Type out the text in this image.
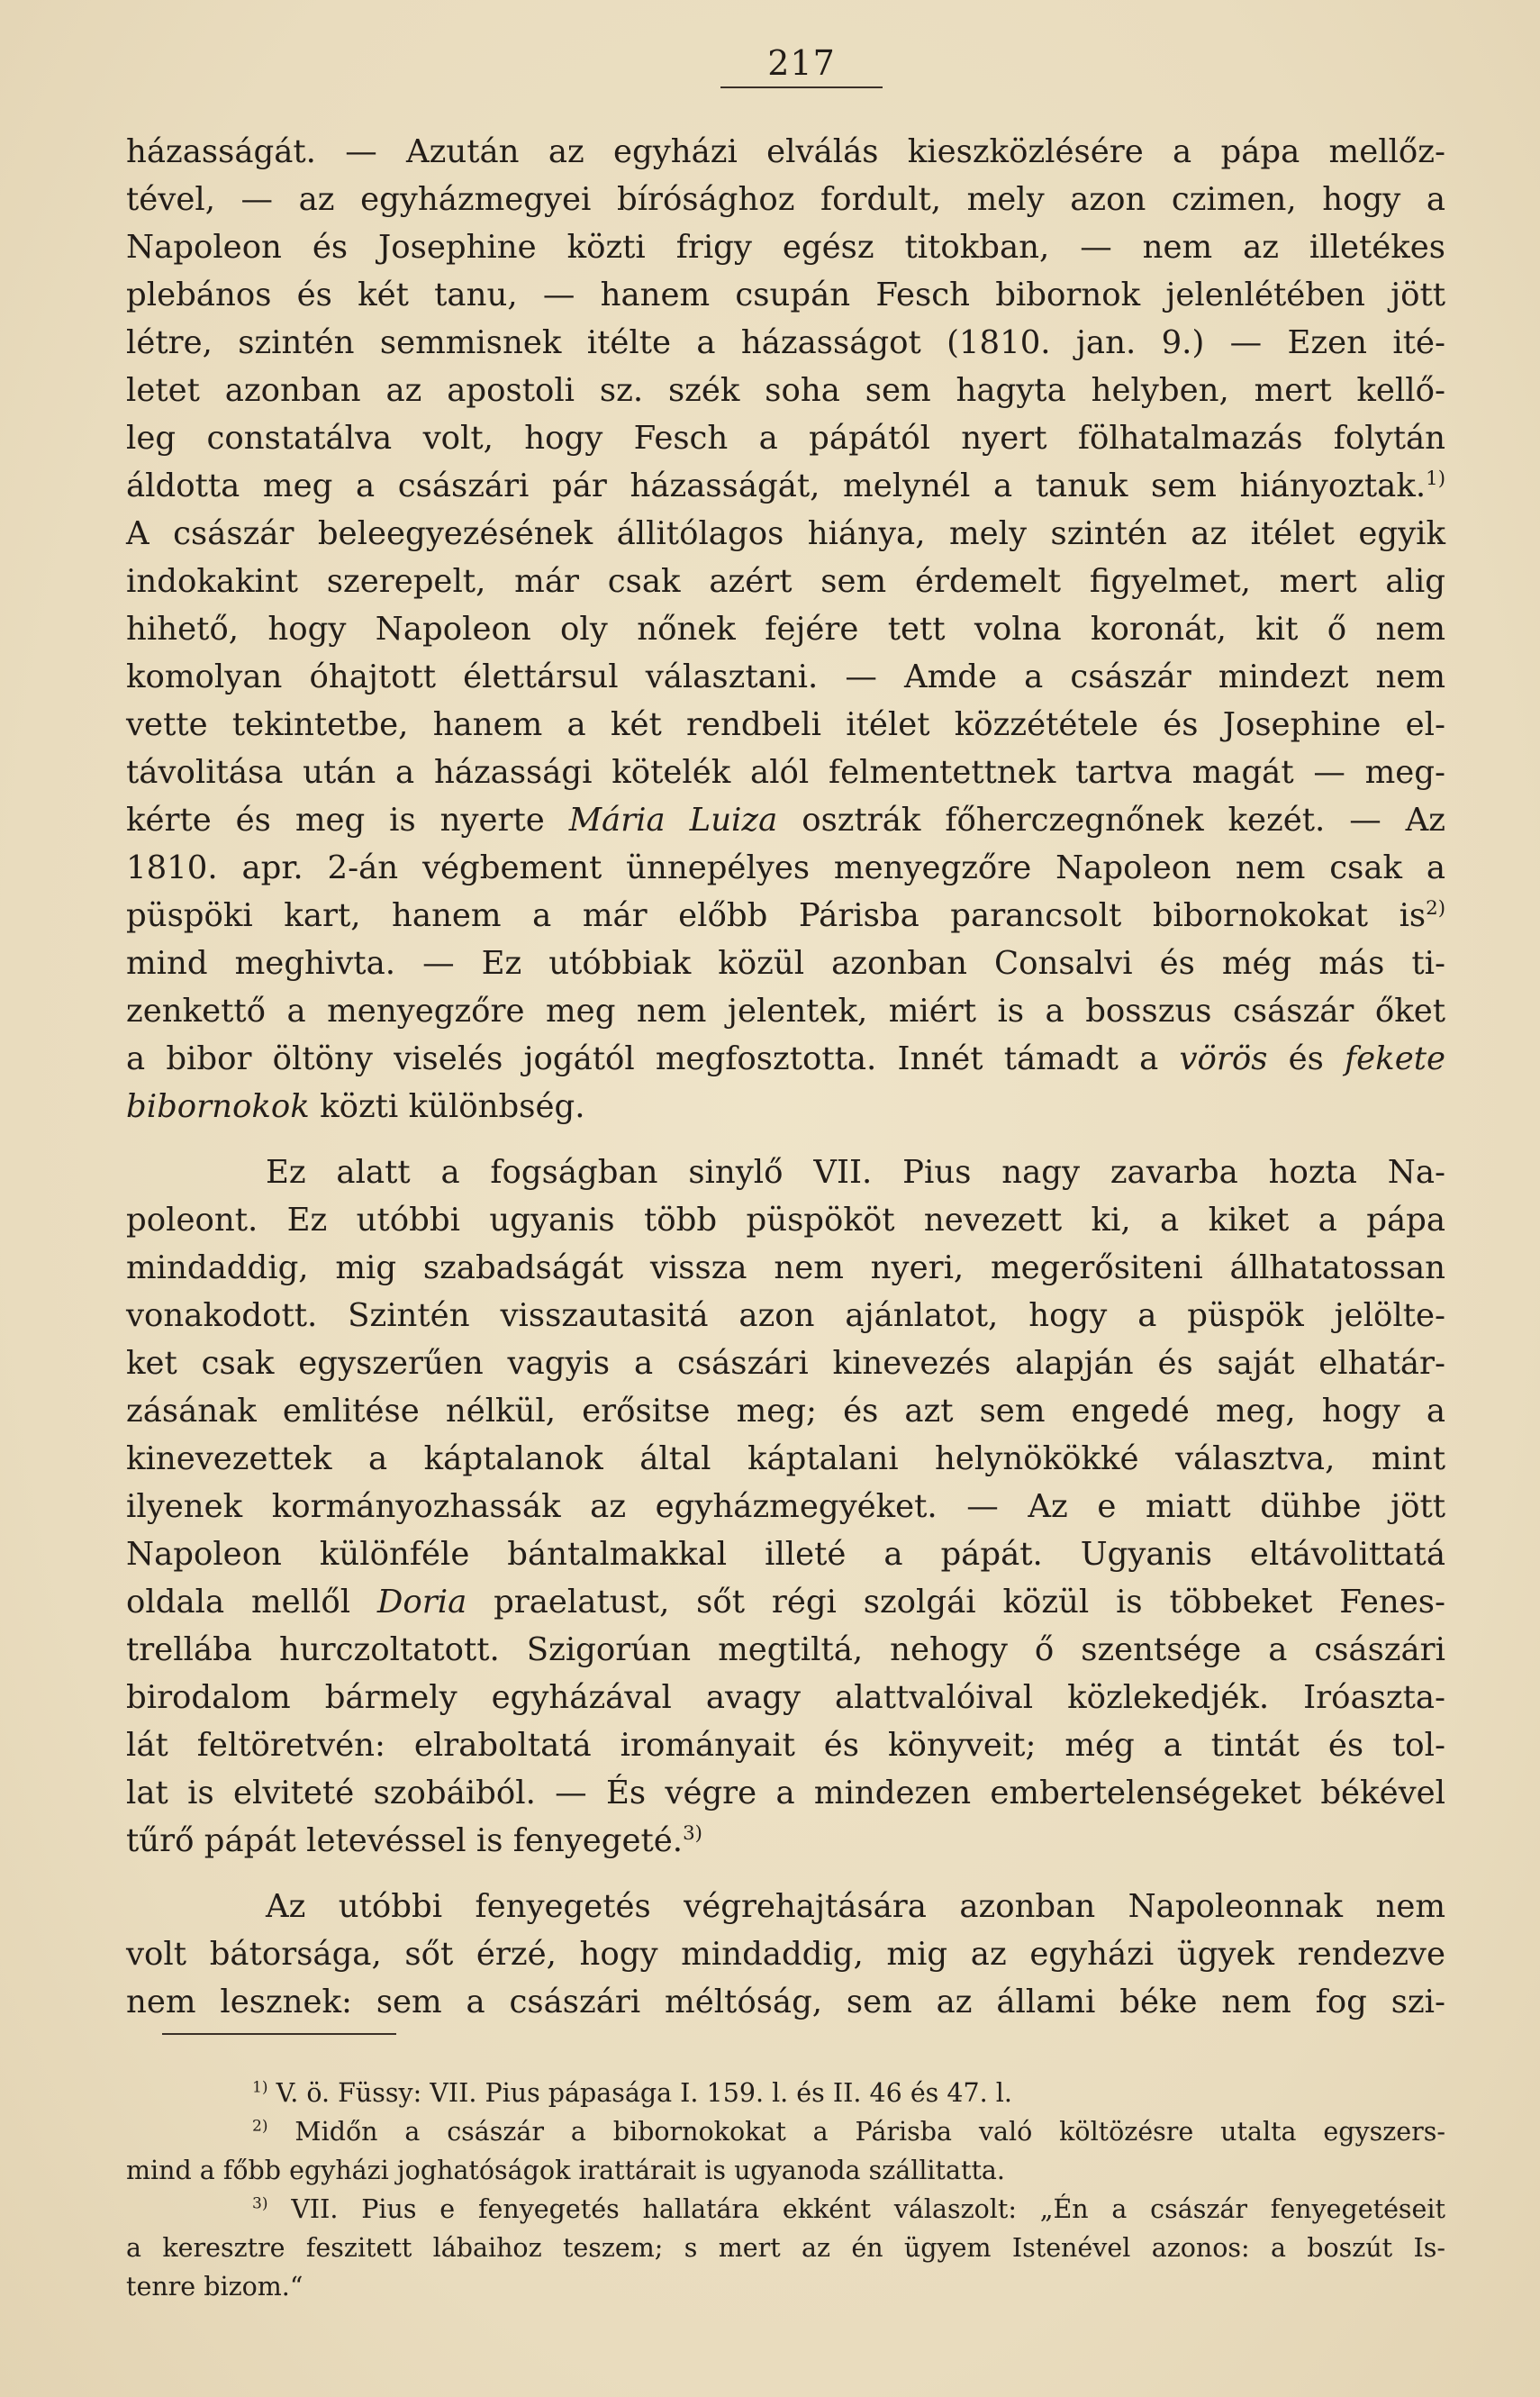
217
házasságát. — Azután az egyházi elválás kieszközlésére a pápa mellőz-
tével, — az egyházmegyei bírósághoz fordult, mely azon czimen, hogy a
Napoleon és Josephine közti frigy egész titokban, — nem az illetékes
plebános és két tanu, — hanem csupán Fesch bibornok jelenlétében jött
létre, szintén semmisnek itélte a házasságot (1810. jan. 9.) — Ezen ité-
letet azonban az apostoli sz. szék soha sem hagyta helyben, mert kellő-
leg constatálva volt, hogy Fesch a pápától nyert fölhatalmazás folytán
áldotta meg a császári pár házasságát, melynél a tanuk sem hiányoztak.$^{1)}$
A császár beleegyezésének állitólagos hiánya, mely szintén az itélet egyik
indokakint szerepelt, már csak azért sem érdemelt figyelmet, mert alig
hihető, hogy Napoleon oly nőnek fejére tett volna koronát, kit ő nem
komolyan óhajtott élettársul választani. — Amde a császár mindezt nem
vette tekintetbe, hanem a két rendbeli itélet közzététele és Josephine el-
távolitása után a házassági kötelék alól felmentettnek tartva magát — meg-
kérte és meg is nyerte Mária Luiza osztrák főherczegnőnek kezét. — Az
1810. apr. 2-án végbement ünnepélyes menyegzőre Napoleon nem csak a
püspöki kart, hanem a már előbb Párisba parancsolt bibornokokat $is^{2)}$
mind meghivta. — Ez utóbbiak közül azonban Consalvi és még más ti-
zenkettő a menyegzőre meg nem jelentek, miért is a bosszus császár őket
a bibor öltöny viselés jogától megfosztotta. Innét támadt a vörös és fekete
bibornokok közti különbség.
Ez alatt a fogságban sinylő VII. Pius nagy zavarba hozta Na-
poleont. Ez utóbbi ugyanis több püspököt nevezett ki, a kiket a pápa
mindaddig, mig szabadságát vissza nem nyeri, megerősiteni állhatatossan
vonakodott. Szintén visszautasitá azon ajánlatot, hogy a püspök jelölte-
ket csak egyszerűen vagyis a császári kinevezés alapján és saját elhatár-
zásának emlitése nélkül, erősitse meg; és azt sem engedé meg, hogy a
kinevezettek a káptalanok által káptalani helynökökké választva, mint
ilyenek kormányozhassák az egyházmegyéket. — Az e miatt dühbe jött
Napoleon különféle bántalmakkal illeté a pápát. Ugyanis eltávolittatá
oldala mellől Doria praelatust, sőt régi szolgái közül is többeket Fenes-
trellába hurczoltatott. Szigorúan megtiltá, nehogy ő szentsége a császári
birodalom bármely egyházával avagy alattvalóival közlekedjék. Iróaszta-
lát feltöretvén: elraboltatá irományait és könyveit; még a tintát és tol-
lat is elviteté szobáiból. — És végre a mindezen embertelenségeket békével
tűrő pápát letevéssel is fenyegeté.$^{3)}$
Az utóbbi fenyegetés végrehajtására azonban Napoleonnak nem
volt bátorsága, sőt érzé, hogy mindaddig, mig az egyházi ügyek rendezve
nem lesznek: sem a császári méltóság, sem az állami béke nem fog szi-
$^{1)}$ V. ö. Füssy: VII. Pius pápasága I. 159. l. és II. 46 és 47. l.
$^{2)}$ Midőn a császár a bibornokokat a Párisba való költözésre utalta egyszers-
mind a főbb egyházi joghatóságok irattárait is ugyanoda szállitatta.
$^{3)}$ VII. Pius e fenyegetés hallatára ekként válaszolt: „Én a császár fenyegetéseit
a keresztre feszitett lábaihoz teszem; s mert az én ügyem Istenével azonos: a boszút Is-
tenre bizom.“
